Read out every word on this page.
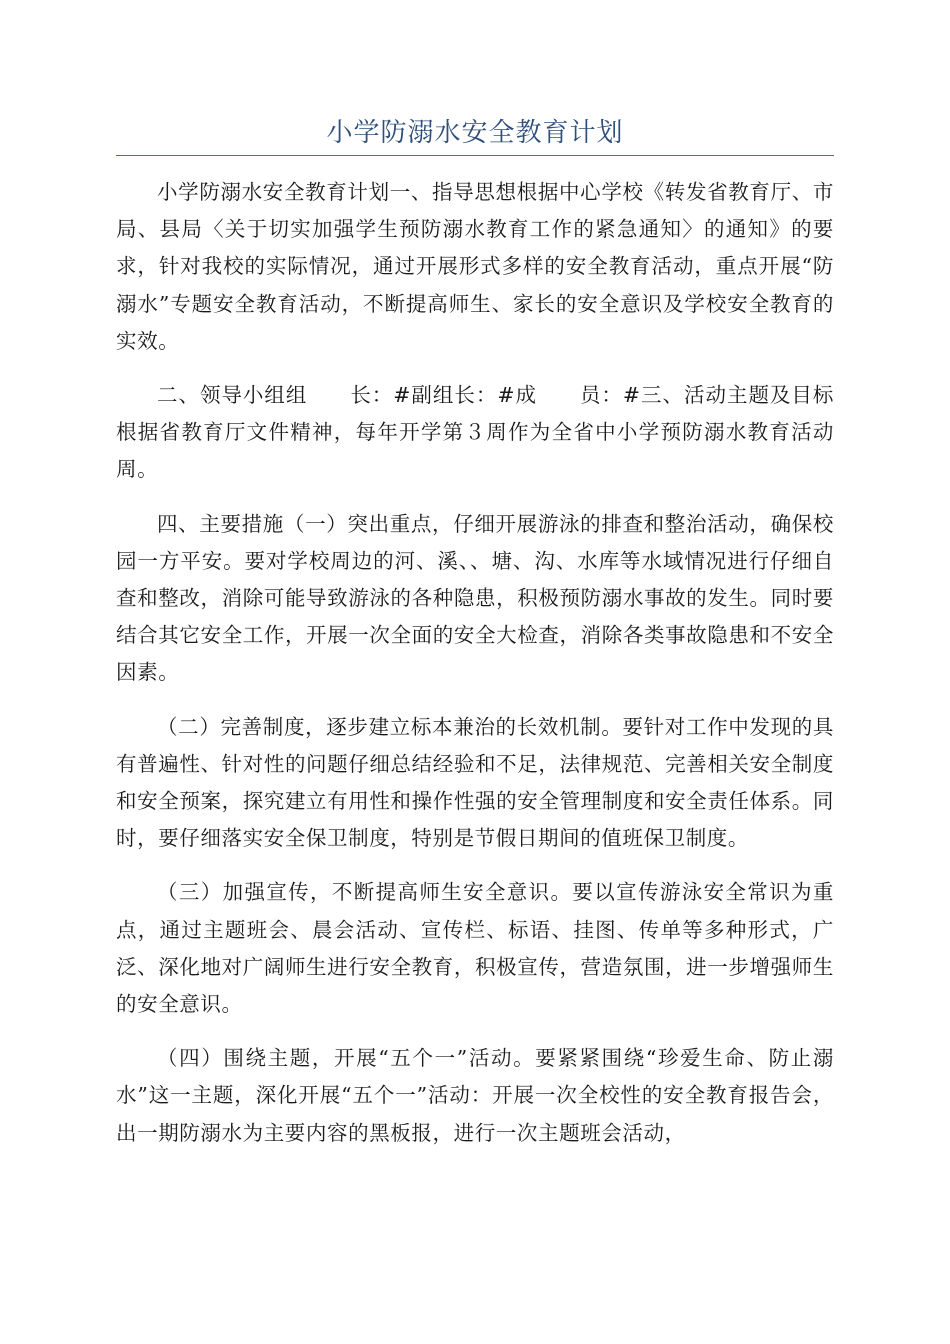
小学防溺水安全教育计划

小学防溺水安全教育计划一、指导思想根据中心学校《转发省教育厅、市局、县局〈关于切实加强学生预防溺水教育工作的紧急通知〉的通知》的要求，针对我校的实际情况，通过开展形式多样的安全教育活动，重点开展“防溺水”专题安全教育活动，不断提高师生、家长的安全意识及学校安全教育的实效。

二、领导小组组　　长：#副组长：#成　　员：#三、活动主题及目标根据省教育厅文件精神，每年开学第３周作为全省中小学预防溺水教育活动周。

四、主要措施（一）突出重点，仔细开展游泳的排查和整治活动，确保校园一方平安。要对学校周边的河、溪、、塘、沟、水库等水域情况进行仔细自查和整改，消除可能导致游泳的各种隐患，积极预防溺水事故的发生。同时要结合其它安全工作，开展一次全面的安全大检查，消除各类事故隐患和不安全因素。

（二）完善制度，逐步建立标本兼治的长效机制。要针对工作中发现的具有普遍性、针对性的问题仔细总结经验和不足，法律规范、完善相关安全制度和安全预案，探究建立有用性和操作性强的安全管理制度和安全责任体系。同时，要仔细落实安全保卫制度，特别是节假日期间的值班保卫制度。

（三）加强宣传，不断提高师生安全意识。要以宣传游泳安全常识为重点，通过主题班会、晨会活动、宣传栏、标语、挂图、传单等多种形式，广泛、深化地对广阔师生进行安全教育，积极宣传，营造氛围，进一步增强师生的安全意识。

（四）围绕主题，开展“五个一”活动。要紧紧围绕“珍爱生命、防止溺水”这一主题，深化开展“五个一”活动：开展一次全校性的安全教育报告会，出一期防溺水为主要内容的黑板报，进行一次主题班会活动，
